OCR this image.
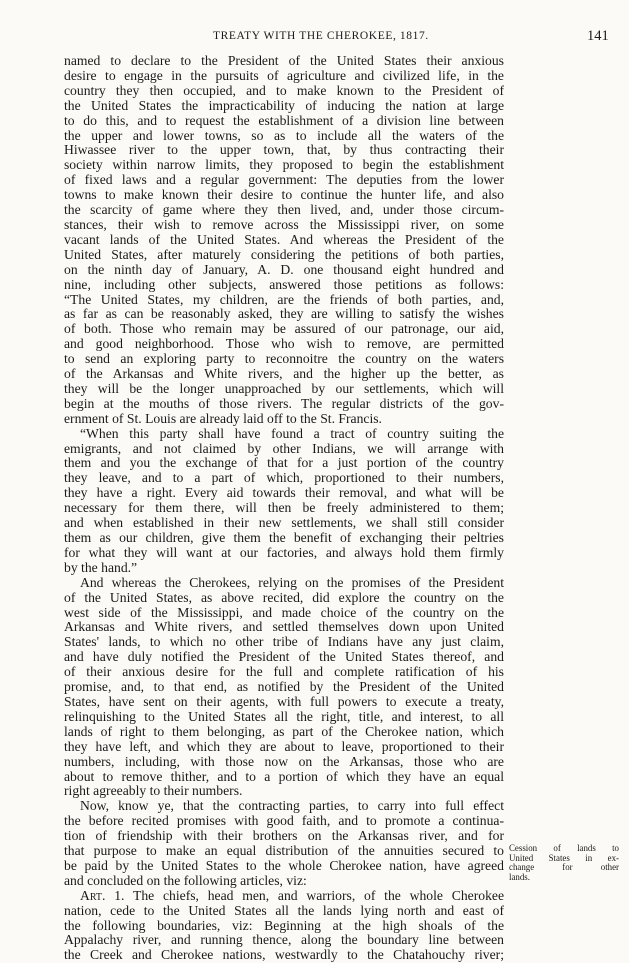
TREATY WITH THE CHEROKEE, 1817.	141
named to declare to the President of the United States their anxious
desire to engage in the pursuits of agriculture and civilized life, in the
country they then occupied, and to make known to the President of
the United States the impracticability of inducing the nation at large
to do this, and to request the establishment of a division line between
the upper and lower towns, so as to include all the waters of the
Hiwassee river to the upper town, that, by thus contracting their
society within narrow limits, they proposed to begin the establishment
of fixed laws and a regular government: The deputies from the lower
towns to make known their desire to continue the hunter life, and also
the scarcity of game where they then lived, and, under those circum-
stances, their wish to remove across the Mississippi river, on some
vacant lands of the United States. And whereas the President of the
United States, after maturely considering the petitions of both parties,
on the ninth day of January, A. D. one thousand eight hundred and
nine, including other subjects, answered those petitions as follows:
“The United States, my children, are the friends of both parties, and,
as far as can be reasonably asked, they are willing to satisfy the wishes
of both. Those who remain may be assured of our patronage, our aid,
and good neighborhood. Those who wish to remove, are permitted
to send an exploring party to reconnoitre the country on the waters
of the Arkansas and White rivers, and the higher up the better, as
they will be the longer unapproached by our settlements, which will
begin at the mouths of those rivers. The regular districts of the gov-
ernment of St. Louis are already laid off to the St. Francis.
“When this party shall have found a tract of country suiting the
emigrants, and not claimed by other Indians, we will arrange with
them and you the exchange of that for a just portion of the country
they leave, and to a part of which, proportioned to their numbers,
they have a right. Every aid towards their removal, and what will be
necessary for them there, will then be freely administered to them;
and when established in their new settlements, we shall still consider
them as our children, give them the benefit of exchanging their peltries
for what they will want at our factories, and always hold them firmly
by the hand.”
And whereas the Cherokees, relying on the promises of the President
of the United States, as above recited, did explore the country on the
west side of the Mississippi, and made choice of the country on the
Arkansas and White rivers, and settled themselves down upon United
States' lands, to which no other tribe of Indians have any just claim,
and have duly notified the President of the United States thereof, and
of their anxious desire for the full and complete ratification of his
promise, and, to that end, as notified by the President of the United
States, have sent on their agents, with full powers to execute a treaty,
relinquishing to the United States all the right, title, and interest, to all
lands of right to them belonging, as part of the Cherokee nation, which
they have left, and which they are about to leave, proportioned to their
numbers, including, with those now on the Arkansas, those who are
about to remove thither, and to a portion of which they have an equal
right agreeably to their numbers.
Now, know ye, that the contracting parties, to carry into full effect
the before recited promises with good faith, and to promote a continua-
tion of friendship with their brothers on the Arkansas river, and for
that purpose to make an equal distribution of the annuities secured to
be paid by the United States to the whole Cherokee nation, have agreed
and concluded on the following articles, viz:
Art. 1. The chiefs, head men, and warriors, of the whole Cherokee
nation, cede to the United States all the lands lying north and east of
the following boundaries, viz: Beginning at the high shoals of the
Appalachy river, and running thence, along the boundary line between
the Creek and Cherokee nations, westwardly to the Chatahouchy river;
Cession of lands to
United States in ex-
change for other
lands.
